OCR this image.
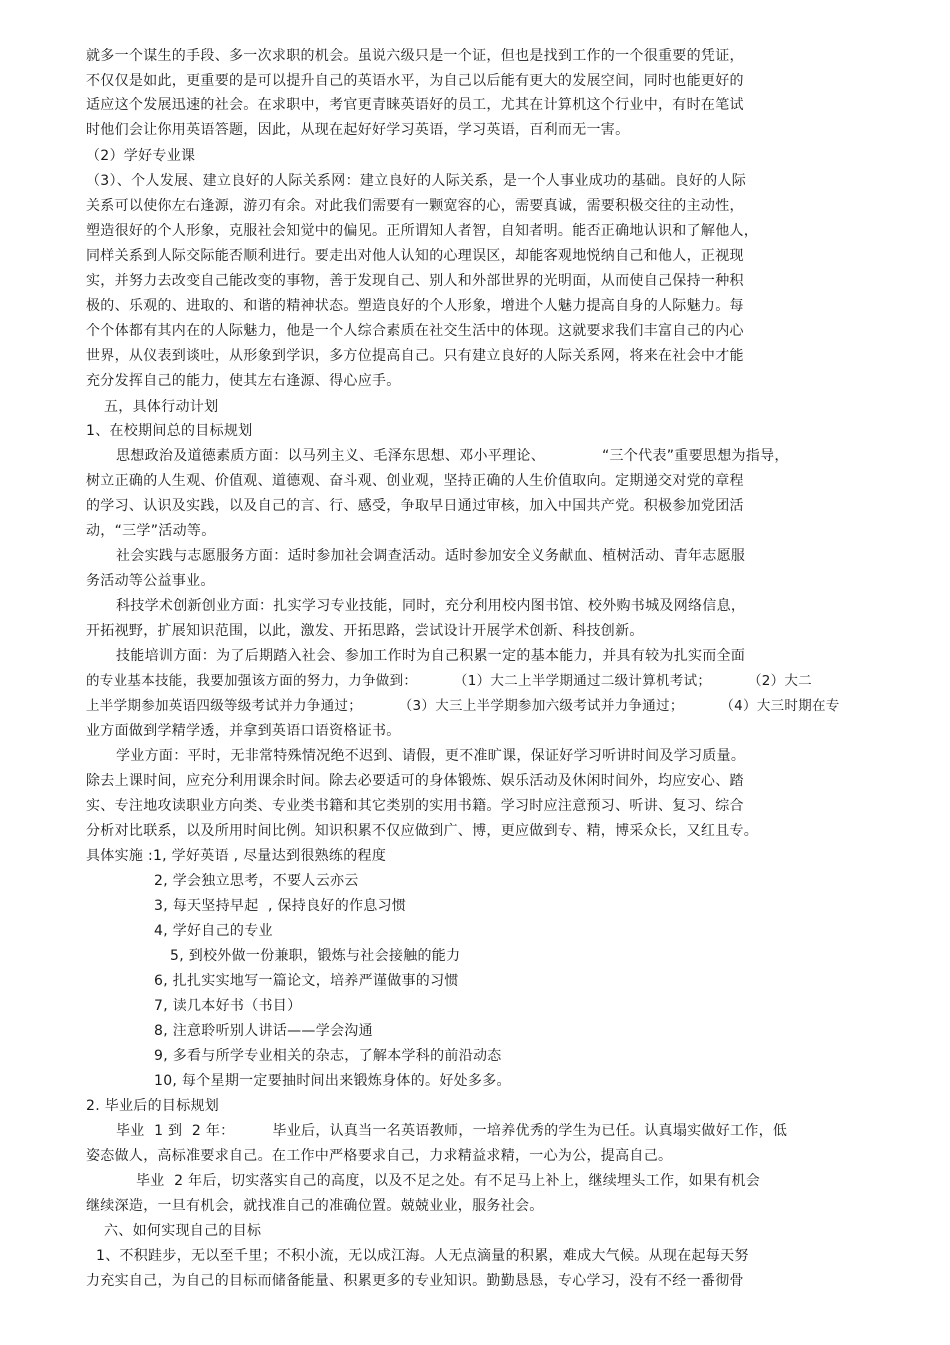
就多一个谋生的手段、多一次求职的机会。虽说六级只是一个证，但也是找到工作的一个很重要的凭证，
不仅仅是如此，更重要的是可以提升自己的英语水平，为自己以后能有更大的发展空间，同时也能更好的
适应这个发展迅速的社会。在求职中，考官更青睐英语好的员工，尤其在计算机这个行业中，有时在笔试
时他们会让你用英语答题，因此，从现在起好好学习英语，学习英语，百利而无一害。
（2）学好专业课
（3）、个人发展、建立良好的人际关系网：建立良好的人际关系，是一个人事业成功的基础。良好的人际
关系可以使你左右逢源，游刃有余。对此我们需要有一颗宽容的心，需要真诚，需要积极交往的主动性，
塑造很好的个人形象，克服社会知觉中的偏见。正所谓知人者智，自知者明。能否正确地认识和了解他人，
同样关系到人际交际能否顺利进行。要走出对他人认知的心理误区，却能客观地悦纳自己和他人，正视现
实，并努力去改变自己能改变的事物，善于发现自己、别人和外部世界的光明面，从而使自己保持一种积
极的、乐观的、进取的、和谐的精神状态。塑造良好的个人形象，增进个人魅力提高自身的人际魅力。每
个个体都有其内在的人际魅力，他是一个人综合素质在社交生活中的体现。这就要求我们丰富自己的内心
世界，从仪表到谈吐，从形象到学识，多方位提高自己。只有建立良好的人际关系网，将来在社会中才能
充分发挥自己的能力，使其左右逢源、得心应手。
五，具体行动计划
1、在校期间总的目标规划
思想政治及道德素质方面：以马列主义、毛泽东思想、邓小平理论、            “三个代表”重要思想为指导，
树立正确的人生观、价值观、道德观、奋斗观、创业观，坚持正确的人生价值取向。定期递交对党的章程
的学习、认识及实践，以及自己的言、行、感受，争取早日通过审核，加入中国共产党。积极参加党团活
动，“三学”活动等。
社会实践与志愿服务方面：适时参加社会调查活动。适时参加安全义务献血、植树活动、青年志愿服
务活动等公益事业。
科技学术创新创业方面：扎实学习专业技能，同时，充分利用校内图书馆、校外购书城及网络信息，
开拓视野，扩展知识范围，以此，激发、开拓思路，尝试设计开展学术创新、科技创新。
技能培训方面：为了后期踏入社会、参加工作时为自己积累一定的基本能力，并具有较为扎实而全面
的专业基本技能，我要加强该方面的努力，力争做到：        （1）大二上半学期通过二级计算机考试；        （2）大二
上半学期参加英语四级等级考试并力争通过；        （3）大三上半学期参加六级考试并力争通过；        （4）大三时期在专
业方面做到学精学透，并拿到英语口语资格证书。
学业方面：平时，无非常特殊情况绝不迟到、请假，更不准旷课，保证好学习听讲时间及学习质量。
除去上课时间，应充分利用课余时间。除去必要适可的身体锻炼、娱乐活动及休闲时间外，均应安心、踏
实、专注地攻读职业方向类、专业类书籍和其它类别的实用书籍。学习时应注意预习、听讲、复习、综合
分析对比联系，以及所用时间比例。知识积累不仅应做到广、博，更应做到专、精，博采众长，又红且专。
具体实施 :1, 学好英语 , 尽量达到很熟练的程度
2, 学会独立思考，不要人云亦云
3, 每天坚持早起  , 保持良好的作息习惯
4, 学好自己的专业
5, 到校外做一份兼职，锻炼与社会接触的能力
6, 扎扎实实地写一篇论文，培养严谨做事的习惯
7, 读几本好书（书目）
8, 注意聆听别人讲话——学会沟通
9, 多看与所学专业相关的杂志，了解本学科的前沿动态
10, 每个星期一定要抽时间出来锻炼身体的。好处多多。
2. 毕业后的目标规划
毕业  1 到  2 年：        毕业后，认真当一名英语教师，一培养优秀的学生为已任。认真塌实做好工作，低
姿态做人，高标准要求自己。在工作中严格要求自己，力求精益求精，一心为公，提高自己。
毕业  2 年后，切实落实自己的高度，以及不足之处。有不足马上补上，继续埋头工作，如果有机会
继续深造，一旦有机会，就找准自己的准确位置。兢兢业业，服务社会。
六、如何实现自己的目标
1、不积跬步，无以至千里；不积小流，无以成江海。人无点滴量的积累，难成大气候。从现在起每天努
力充实自己，为自己的目标而储备能量、积累更多的专业知识。勤勤恳恳，专心学习，没有不经一番彻骨
